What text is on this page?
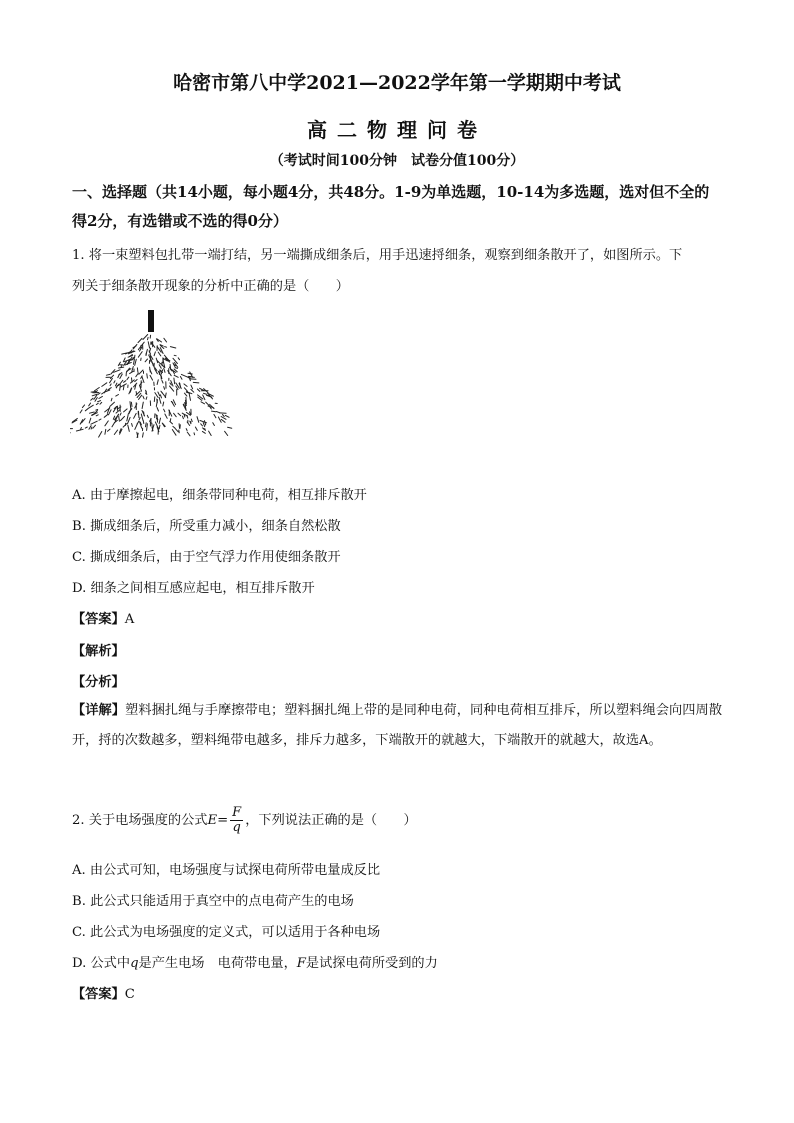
哈密市第八中学2021—2022学年第一学期期中考试
高二物理问卷
（考试时间100分钟　试卷分值100分）
一、选择题（共14小题，每小题4分，共48分。1-9为单选题，10-14为多选题，选对但不全的得2分，有选错或不选的得0分）
1. 将一束塑料包扎带一端打结，另一端撕成细条后，用手迅速捋细条，观察到细条散开了，如图所示。下
列关于细条散开现象的分析中正确的是（　　）
A. 由于摩擦起电，细条带同种电荷，相互排斥散开
B. 撕成细条后，所受重力减小，细条自然松散
C. 撕成细条后，由于空气浮力作用使细条散开
D. 细条之间相互感应起电，相互排斥散开
【答案】A
【解析】
【分析】
【详解】塑料捆扎绳与手摩擦带电；塑料捆扎绳上带的是同种电荷，同种电荷相互排斥，所以塑料绳会向四周散开，捋的次数越多，塑料绳带电越多，排斥力越多，下端散开的就越大，下端散开的就越大，故选A。
2. 关于电场强度的公式$E= \frac{F}{q}$ ，下列说法正确的是（　　）
A. 由公式可知，电场强度与试探电荷所带电量成反比
B. 此公式只能适用于真空中的点电荷产生的电场
C. 此公式为电场强度的定义式，可以适用于各种电场
D. 公式中q是产生电场　电荷带电量，F是试探电荷所受到的力
【答案】C
